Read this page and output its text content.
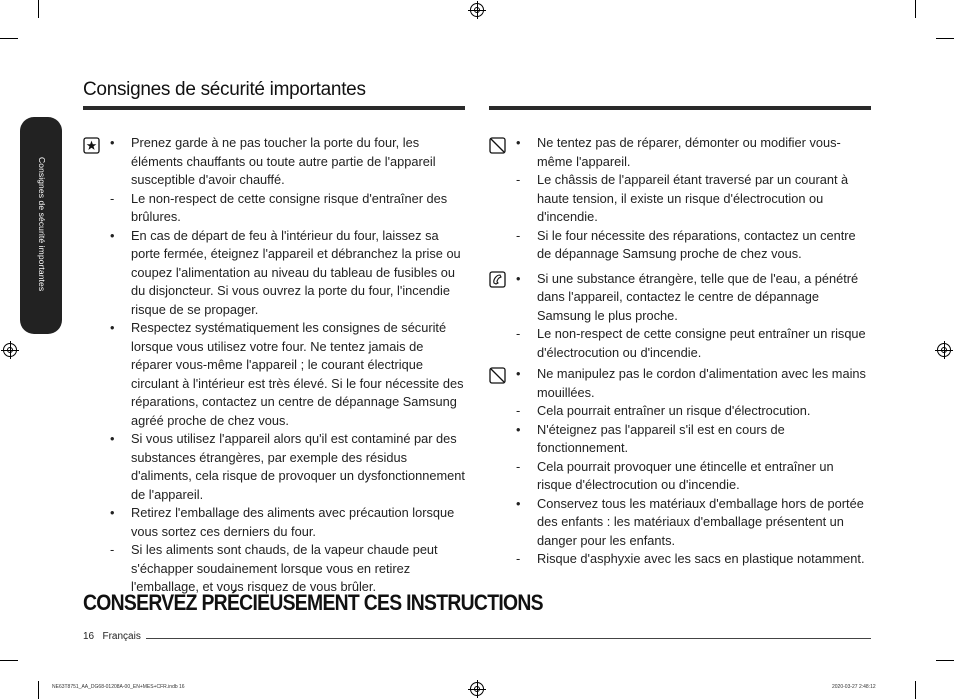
Consignes de sécurité importantes
Consignes de sécurité importantes

• Prenez garde à ne pas toucher la porte du four, les éléments chauffants ou toute autre partie de l'appareil susceptible d'avoir chauffé.

- Le non-respect de cette consigne risque d'entraîner des brûlures.

• En cas de départ de feu à l'intérieur du four, laissez sa porte fermée, éteignez l'appareil et débranchez la prise ou coupez l'alimentation au niveau du tableau de fusibles ou du disjoncteur. Si vous ouvrez la porte du four, l'incendie risque de se propager.

• Respectez systématiquement les consignes de sécurité lorsque vous utilisez votre four. Ne tentez jamais de réparer vous-même l'appareil ; le courant électrique circulant à l'intérieur est très élevé. Si le four nécessite des réparations, contactez un centre de dépannage Samsung agréé proche de chez vous.

• Si vous utilisez l'appareil alors qu'il est contaminé par des substances étrangères, par exemple des résidus d'aliments, cela risque de provoquer un dysfonctionnement de l'appareil.

• Retirez l'emballage des aliments avec précaution lorsque vous sortez ces derniers du four.

- Si les aliments sont chauds, de la vapeur chaude peut s'échapper soudainement lorsque vous en retirez l'emballage, et vous risquez de vous brûler.

• Ne tentez pas de réparer, démonter ou modifier vous-même l'appareil.

- Le châssis de l'appareil étant traversé par un courant à haute tension, il existe un risque d'électrocution ou d'incendie.

- Si le four nécessite des réparations, contactez un centre de dépannage Samsung proche de chez vous.

• Si une substance étrangère, telle que de l'eau, a pénétré dans l'appareil, contactez le centre de dépannage Samsung le plus proche.

- Le non-respect de cette consigne peut entraîner un risque d'électrocution ou d'incendie.

• Ne manipulez pas le cordon d'alimentation avec les mains mouillées.

- Cela pourrait entraîner un risque d'électrocution.

• N'éteignez pas l'appareil s'il est en cours de fonctionnement.

- Cela pourrait provoquer une étincelle et entraîner un risque d'électrocution ou d'incendie.

• Conservez tous les matériaux d'emballage hors de portée des enfants : les matériaux d'emballage présentent un danger pour les enfants.

- Risque d'asphyxie avec les sacs en plastique notamment.

CONSERVEZ PRÉCIEUSEMENT CES INSTRUCTIONS
16 Français
NE63T8751_AA_DG68-01208A-00_EN+MES+CFR.indb 16	2020-03-27 2:48:12
